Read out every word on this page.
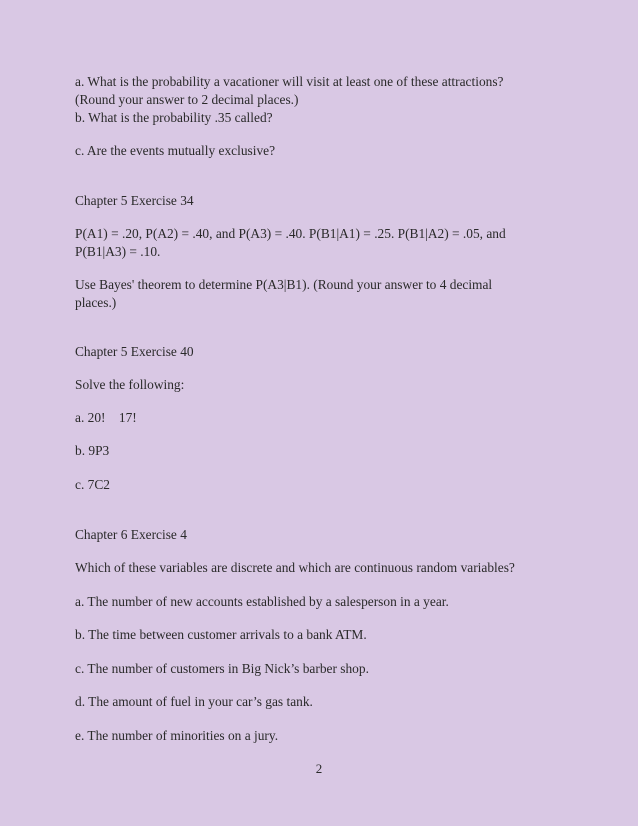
a. What is the probability a vacationer will visit at least one of these attractions?
(Round your answer to 2 decimal places.)
b. What is the probability .35 called?
c. Are the events mutually exclusive?
Chapter 5 Exercise 34
P(A1) = .20, P(A2) = .40, and P(A3) = .40. P(B1|A1) = .25. P(B1|A2) = .05, and
P(B1|A3) = .10.
Use Bayes' theorem to determine P(A3|B1). (Round your answer to 4 decimal
places.)
Chapter 5 Exercise 40
Solve the following:
a. 20!    17!
b. 9P3
c. 7C2
Chapter 6 Exercise 4
Which of these variables are discrete and which are continuous random variables?
a. The number of new accounts established by a salesperson in a year.
b. The time between customer arrivals to a bank ATM.
c. The number of customers in Big Nick’s barber shop.
d. The amount of fuel in your car’s gas tank.
e. The number of minorities on a jury.
2
